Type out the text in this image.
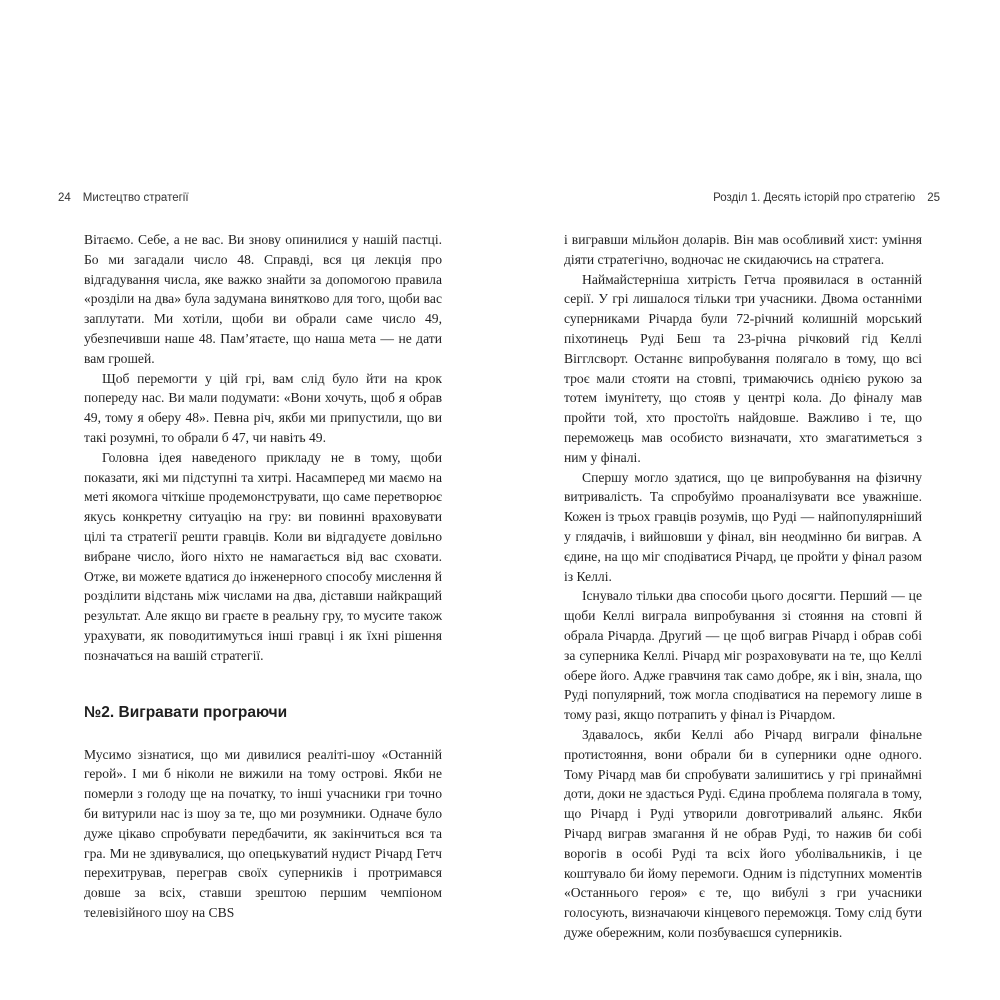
24 Мистецтво стратегії

Вітаємо. Себе, а не вас. Ви знову опинилися у нашій пастці. Бо ми загадали число 48. Справді, вся ця лекція про відгадування числа, яке важко знайти за допомогою правила «розділи на два» була задумана винятково для того, щоби вас заплутати. Ми хотіли, щоби ви обрали саме число 49, убезпечивши наше 48. Пам’ятаєте, що наша мета — не дати вам грошей.

Щоб перемогти у цій грі, вам слід було йти на крок попереду нас. Ви мали подумати: «Вони хочуть, щоб я обрав 49, тому я оберу 48». Певна річ, якби ми припустили, що ви такі розумні, то обрали б 47, чи навіть 49.

Головна ідея наведеного прикладу не в тому, щоби показати, які ми підступні та хитрі. Насамперед ми маємо на меті якомога чіткіше продемонструвати, що саме перетворює якусь конкретну ситуацію на гру: ви повинні враховувати цілі та стратегії решти гравців. Коли ви відгадуєте довільно вибране число, його ніхто не намагається від вас сховати. Отже, ви можете вдатися до інженерного способу мислення й розділити відстань між числами на два, діставши найкращий результат. Але якщо ви граєте в реальну гру, то мусите також урахувати, як поводитимуться інші гравці і як їхні рішення позначаться на вашій стратегії.

№2. Вигравати програючи

Мусимо зізнатися, що ми дивилися реаліті-шоу «Останній герой». І ми б ніколи не вижили на тому острові. Якби не померли з голоду ще на початку, то інші учасники гри точно би витурили нас із шоу за те, що ми розумники. Одначе було дуже цікаво спробувати передбачити, як закінчиться вся та гра. Ми не здивувалися, що опецькуватий нудист Річард Гетч перехитрував, переграв своїх суперників і протримався довше за всіх, ставши зрештою першим чемпіоном телевізійного шоу на CBS

Розділ 1. Десять історій про стратегію 25

і вигравши мільйон доларів. Він мав особливий хист: уміння діяти стратегічно, водночас не скидаючись на стратега.

Наймайстерніша хитрість Гетча проявилася в останній серії. У грі лишалося тільки три учасники. Двома останніми суперниками Річарда були 72-річний колишній морський піхотинець Руді Беш та 23-річна річковий гід Келлі Вігглсворт. Останнє випробування полягало в тому, що всі троє мали стояти на стовпі, тримаючись однією рукою за тотем імунітету, що стояв у центрі кола. До фіналу мав пройти той, хто простоїть найдовше. Важливо і те, що переможець мав особисто визначати, хто змагатиметься з ним у фіналі.

Спершу могло здатися, що це випробування на фізичну витривалість. Та спробуймо проаналізувати все уважніше. Кожен із трьох гравців розумів, що Руді — найпопулярніший у глядачів, і вийшовши у фінал, він неодмінно би виграв. А єдине, на що міг сподіватися Річард, це пройти у фінал разом із Келлі.

Існувало тільки два способи цього досягти. Перший — це щоби Келлі виграла випробування зі стояння на стовпі й обрала Річарда. Другий — це щоб виграв Річард і обрав собі за суперника Келлі. Річард міг розраховувати на те, що Келлі обере його. Адже гравчиня так само добре, як і він, знала, що Руді популярний, тож могла сподіватися на перемогу лише в тому разі, якщо потрапить у фінал із Річардом.

Здавалось, якби Келлі або Річард виграли фінальне протистояння, вони обрали би в суперники одне одного. Тому Річард мав би спробувати залишитись у грі принаймні доти, доки не здасться Руді. Єдина проблема полягала в тому, що Річард і Руді утворили довготривалий альянс. Якби Річард виграв змагання й не обрав Руді, то нажив би собі ворогів в особі Руді та всіх його уболівальників, і це коштувало би йому перемоги. Одним із підступних моментів «Останнього героя» є те, що вибулі з гри учасники голосують, визначаючи кінцевого переможця. Тому слід бути дуже обережним, коли позбуваєшся суперників.
